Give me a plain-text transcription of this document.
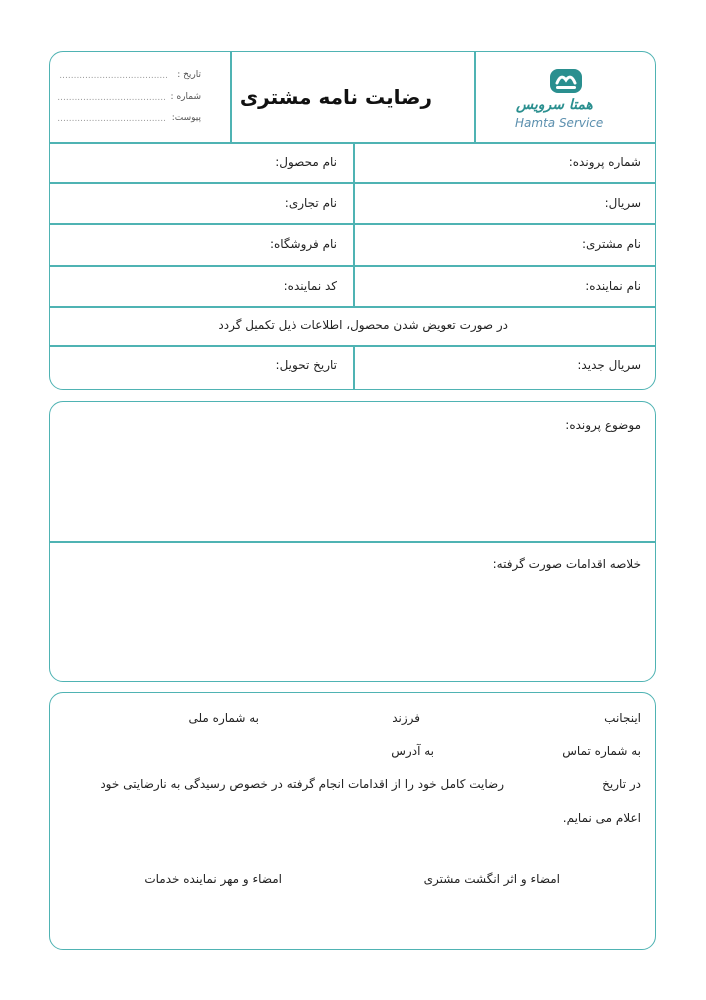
تاریخ :
......................................
شماره :
......................................
پیوست:
......................................
رضایت نامه مشتری	همتا سرویس
Hamta Service
شماره پرونده:
نام محصول:
سریال:
نام تجاری:
نام مشتری:
نام فروشگاه:
نام نماینده:
کد نماینده:
در صورت تعویض شدن محصول، اطلاعات ذیل تکمیل گردد
سریال جدید:
تاریخ تحویل:
موضوع پرونده:
خلاصه اقدامات صورت گرفته:
اینجانب
فرزند
به شماره ملی
به شماره تماس
به آدرس
در تاریخ
رضایت کامل خود را از اقدامات انجام گرفته در خصوص رسیدگی به نارضایتی خود
اعلام می نمایم.
امضاء و اثر انگشت مشتری
امضاء و مهر نماینده خدمات
